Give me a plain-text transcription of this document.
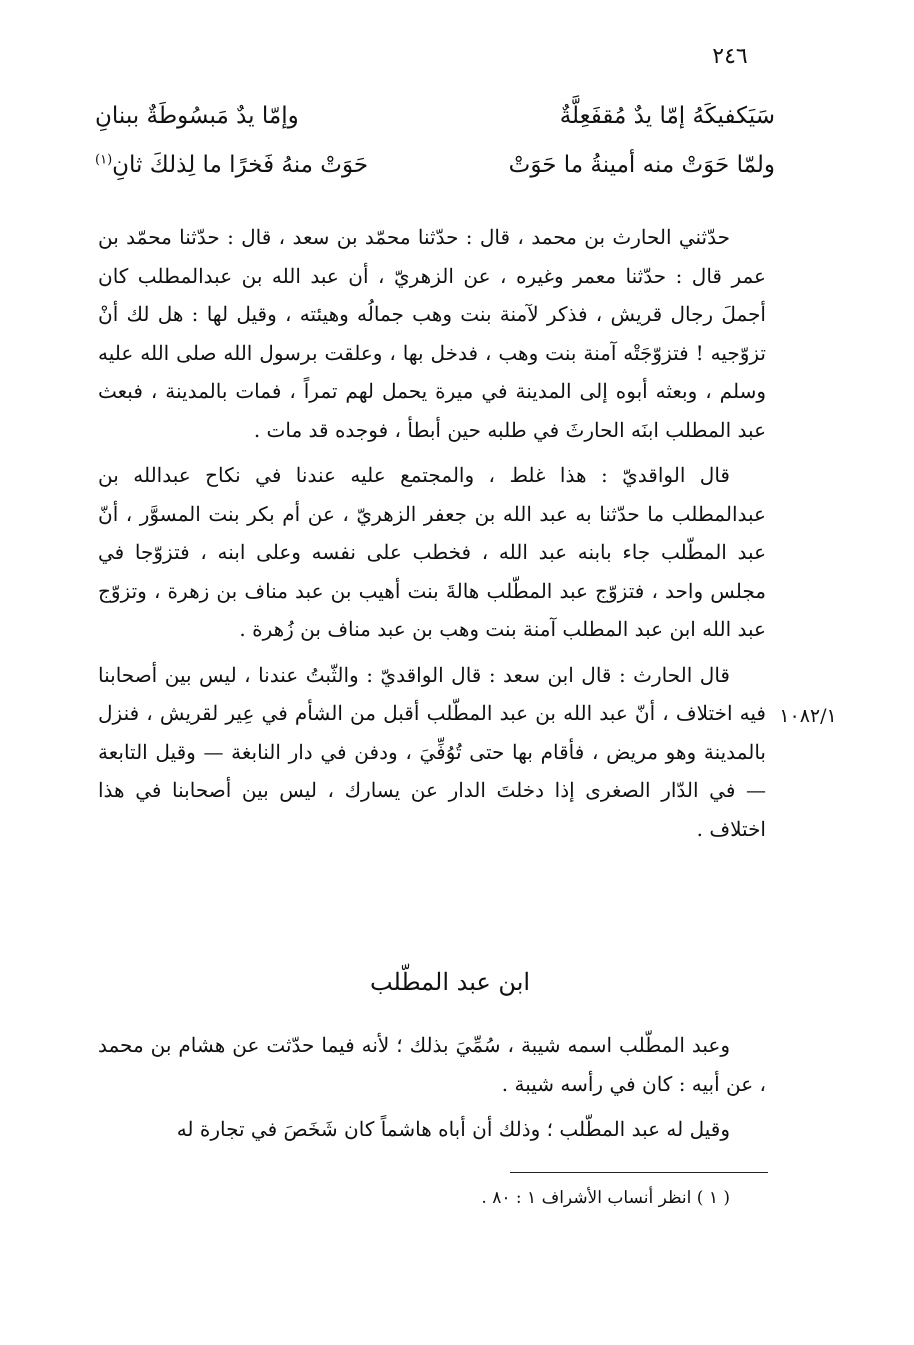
٢٤٦
سَيَكفيكَهُ إمّا يدٌ مُقفَعِلَّةٌ
وإمّا يدٌ مَبسُوطَةٌ ببنانِ
ولمّا حَوَتْ منه أمينةُ ما حَوَتْ
حَوَتْ منهُ فَخرًا ما لِذلكَ ثانِ$^{(١)}$

حدّثني الحارث بن محمد ، قال : حدّثنا محمّد بن سعد ، قال : حدّثنا محمّد بن عمر قال : حدّثنا معمر وغيره ، عن الزهريّ ، أن عبد الله بن عبدالمطلب كان أجملَ رجال قريش ، فذكر لآمنة بنت وهب جمالُه وهيئته ، وقيل لها : هل لك أنْ تزوّجيه ! فتزوّجَتْه آمنة بنت وهب ، فدخل بها ، وعلقت برسول الله صلى الله عليه وسلم ، وبعثه أبوه إلى المدينة في ميرة يحمل لهم تمراً ، فمات بالمدينة ، فبعث عبد المطلب ابنَه الحارثَ في طلبه حين أبطأ ، فوجده قد مات .

قال الواقديّ : هذا غلط ، والمجتمع عليه عندنا في نكاح عبدالله بن عبدالمطلب ما حدّثنا به عبد الله بن جعفر الزهريّ ، عن أم بكر بنت المسوَّر ، أنّ عبد المطّلب جاء بابنه عبد الله ، فخطب على نفسه وعلى ابنه ، فتزوّجا في مجلس واحد ، فتزوّج عبد المطّلب هالةَ بنت أهيب بن عبد مناف بن زهرة ، وتزوّج عبد الله ابن عبد المطلب آمنة بنت وهب بن عبد مناف بن زُهرة .

قال الحارث : قال ابن سعد : قال الواقديّ : والثّبتُ عندنا ، ليس بين أصحابنا فيه اختلاف ، أنّ عبد الله بن عبد المطّلب أقبل من الشأم في عِير لقريش ، فنزل بالمدينة وهو مريض ، فأقام بها حتى تُوُفِّيَ ، ودفن في دار النابغة — وقيل التابعة — في الدّار الصغرى إذا دخلتَ الدار عن يسارك ، ليس بين أصحابنا في هذا اختلاف .

١٠٨٢/١
ابن عبد المطّلب

وعبد المطّلب اسمه شيبة ، سُمِّيَ بذلك ؛ لأنه فيما حدّثت عن هشام بن محمد ، عن أبيه : كان في رأسه شيبة .

وقيل له عبد المطّلب ؛ وذلك أن أباه هاشماً كان شَخَصَ في تجارة له

( ١ ) انظر أنساب الأشراف ١ : ٨٠ .
